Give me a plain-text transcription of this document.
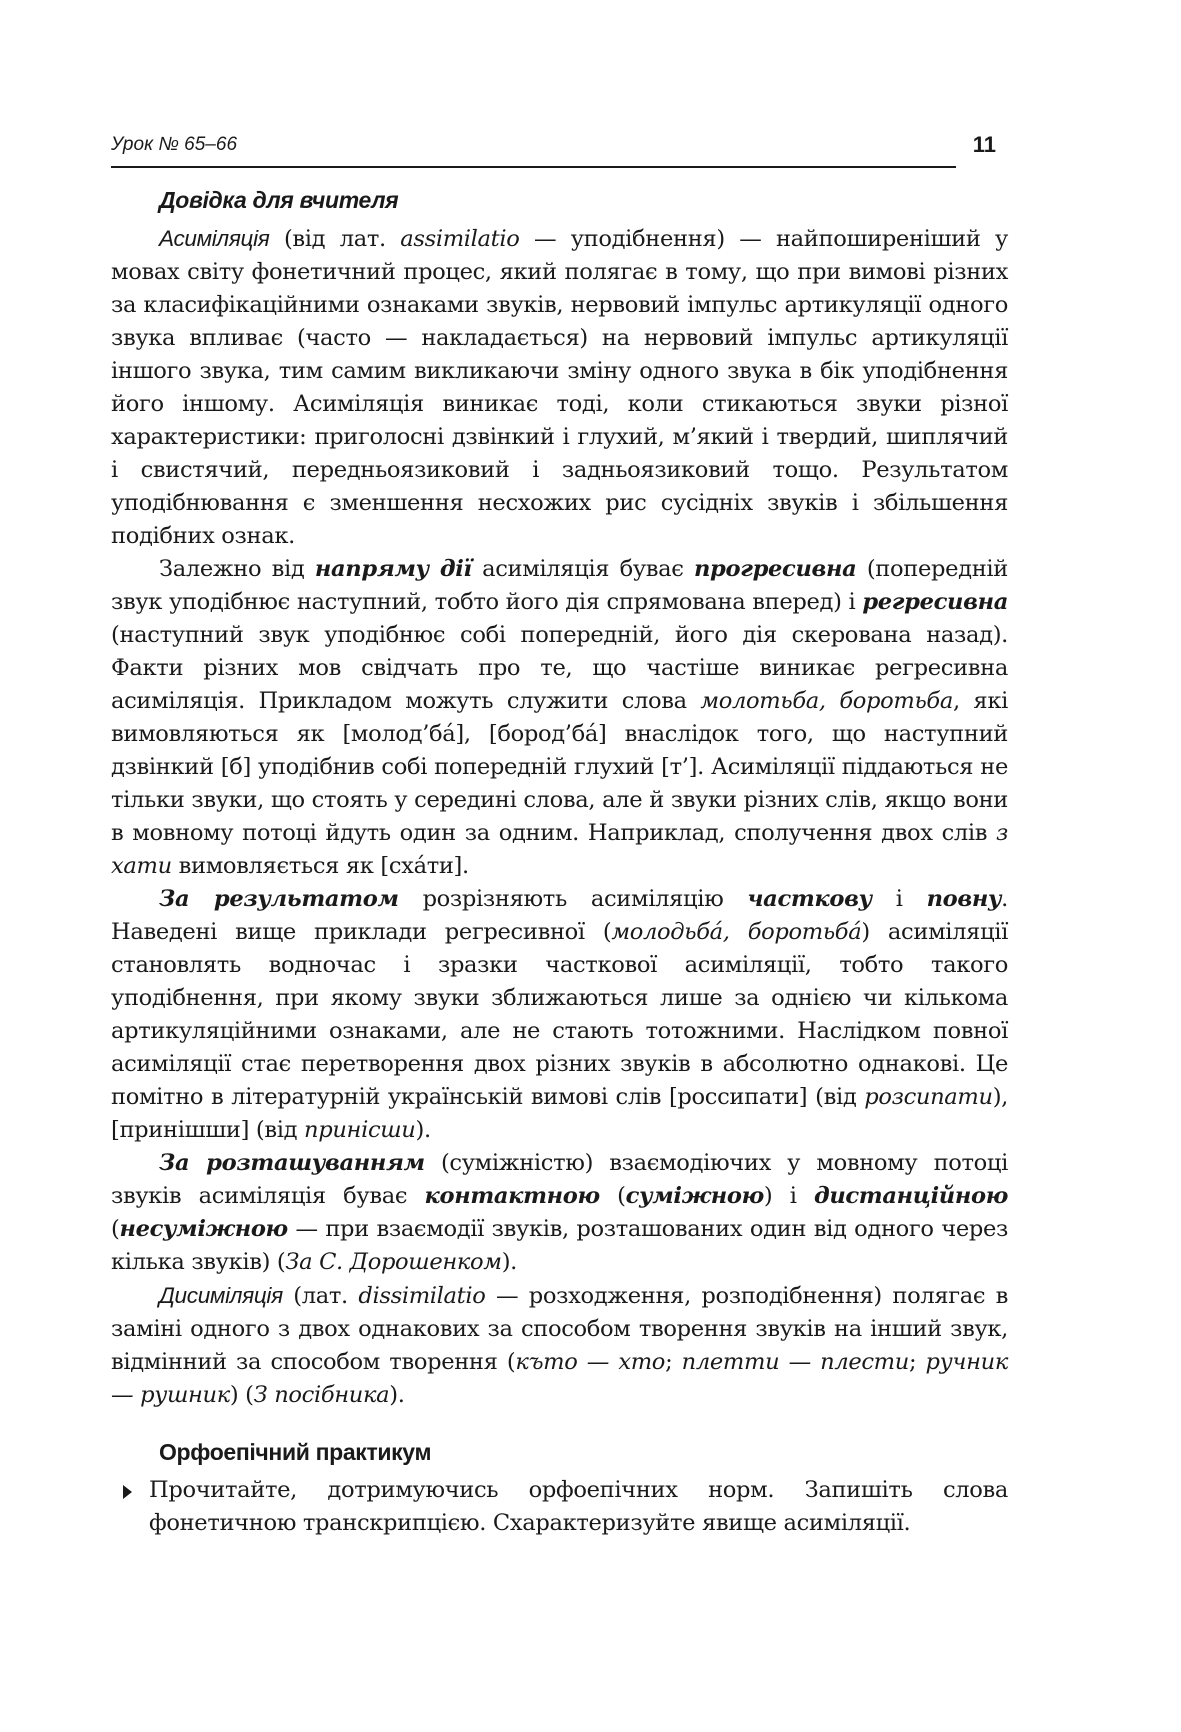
Урок № 65–66	11
Довідка для вчителя

Асиміляція (від лат. assimilatio — уподібнення) — найпоширеніший у мовах світу фонетичний процес, який полягає в тому, що при вимові різних за класифікаційними ознаками звуків, нервовий імпульс артикуляції одного звука впливає (часто — накладається) на нервовий імпульс артикуляції іншого звука, тим самим викликаючи зміну одного звука в бік уподібнення його іншому. Асиміляція виникає тоді, коли стикаються звуки різної характеристики: приголосні дзвінкий і глухий, м’який і твердий, шиплячий і свистячий, передньоязиковий і задньоязиковий тощо. Результатом уподібнювання є зменшення несхожих рис сусідніх звуків і збільшення подібних ознак.

Залежно від напряму дії асиміляція буває прогресивна (попередній звук уподібнює наступний, тобто його дія спрямована вперед) і регресивна (наступний звук уподібнює собі попередній, його дія скерована назад). Факти різних мов свідчать про те, що частіше виникає регресивна асиміляція. Прикладом можуть служити слова молотьба, боротьба, які вимовляються як [молод’ба́], [бород’ба́] внаслідок того, що наступний дзвінкий [б] уподібнив собі попередній глухий [т’]. Асиміляції піддаються не тільки звуки, що стоять у середині слова, але й звуки різних слів, якщо вони в мовному потоці йдуть один за одним. Наприклад, сполучення двох слів з хати вимовляється як [сха́ти].

За результатом розрізняють асиміляцію часткову і повну. Наведені вище приклади регресивної (молодьба́, боротьба́) асиміляції становлять водночас і зразки часткової асиміляції, тобто такого уподібнення, при якому звуки зближаються лише за однією чи кількома артикуляційними ознаками, але не стають тотожними. Наслідком повної асиміляції стає перетворення двох різних звуків в абсолютно однакові. Це помітно в літературній українській вимові слів [россипати] (від розсипати), [принішши] (від принісши).

За розташуванням (суміжністю) взаємодіючих у мовному потоці звуків асиміляція буває контактною (суміжною) і дистанційною (несуміжною — при взаємодії звуків, розташованих один від одного через кілька звуків) (За С. Дорошенком).

Дисиміляція (лат. dissimilatio — розходження, розподібнення) полягає в заміні одного з двох однакових за способом творення звуків на інший звук, відмінний за способом творення (къто — хто; плетти — плести; ручник — рушник) (З посібника).

Орфоепічний практикум
Прочитайте, дотримуючись орфоепічних норм. Запишіть слова фонетичною транскрипцією. Схарактеризуйте явище асиміляції.
